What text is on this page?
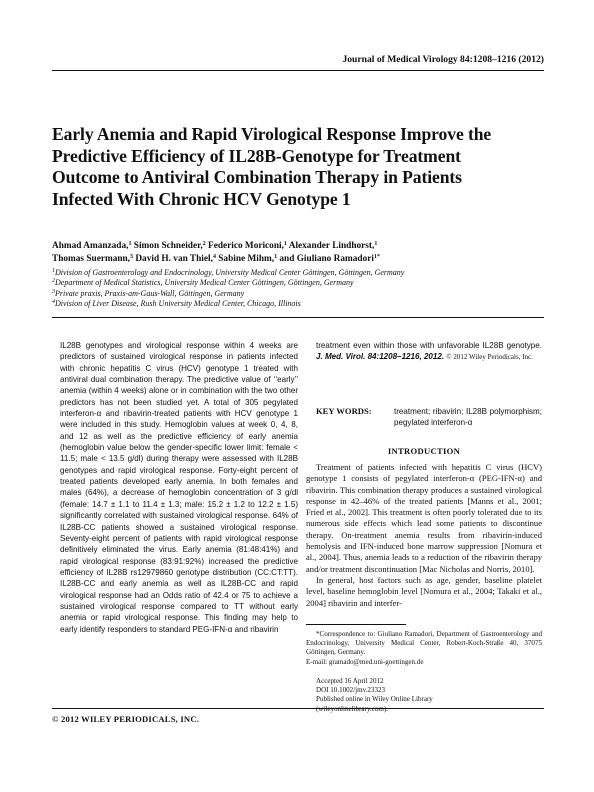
Journal of Medical Virology 84:1208–1216 (2012)
Early Anemia and Rapid Virological Response Improve the Predictive Efficiency of IL28B-Genotype for Treatment Outcome to Antiviral Combination Therapy in Patients Infected With Chronic HCV Genotype 1
Ahmad Amanzada,$^1$ Simon Schneider,$^2$ Federico Moriconi,$^1$ Alexander Lindhorst,$^1$
Thomas Suermann,$^3$ David H. van Thiel,$^4$ Sabine Mihm,$^1$ and Giuliano Ramadori$^{1*}$
$^1$Division of Gastroenterology and Endocrinology, University Medical Center Göttingen, Göttingen, Germany
$^2$Department of Medical Statistics, University Medical Center Göttingen, Göttingen, Germany
$^3$Private praxis, Praxis-am-Gaus-Wall, Göttingen, Germany
$^4$Division of Liver Disease, Rush University Medical Center, Chicago, Illinois
IL28B genotypes and virological response within 4 weeks are predictors of sustained virological response in patients infected with chronic hepatitis C virus (HCV) genotype 1 treated with antiviral dual combination therapy. The predictive value of ‘‘early’’ anemia (within 4 weeks) alone or in combination with the two other predictors has not been studied yet. A total of 305 pegylated interferon-α and ribavirin-treated patients with HCV genotype 1 were included in this study. Hemoglobin values at week 0, 4, 8, and 12 as well as the predictive efficiency of early anemia (hemoglobin value below the gender-specific lower limit: female < 11.5; male < 13.5 g/dl) during therapy were assessed with IL28B genotypes and rapid virological response. Forty-eight percent of treated patients developed early anemia. In both females and males (64%), a decrease of hemoglobin concentration of 3 g/dl (female: 14.7 ± 1.1 to 11.4 ± 1.3; male: 15.2 ± 1.2 to 12.2 ± 1.5) significantly correlated with sustained virological response. 64% of IL28B-CC patients showed a sustained virological response. Seventy-eight percent of patients with rapid virological response definitively eliminated the virus. Early anemia (81:48:41%) and rapid virological response (83:91:92%) increased the predictive efficiency of IL28B rs12979860 genotype distribution (CC:CT:TT). IL28B-CC and early anemia as well as IL28B-CC and rapid virological response had an Odds ratio of 42.4 or 75 to achieve a sustained virological response compared to TT without early anemia or rapid virological response. This finding may help to early identify responders to standard PEG-IFN-α and ribavirin
treatment even within those with unfavorable IL28B genotype. J. Med. Virol. 84:1208–1216, 2012. © 2012 Wiley Periodicals, Inc.
KEY WORDS:	treatment; ribavirin; IL28B polymorphism; pegylated interferon-α
INTRODUCTION

Treatment of patients infected with hepatitis C virus (HCV) genotype 1 consists of pegylated interferon-α (PEG-IFN-α) and ribavirin. This combination therapy produces a sustained virological response in 42–46% of the treated patients [Manns et al., 2001; Fried et al., 2002]. This treatment is often poorly tolerated due to its numerous side effects which lead some patients to discontinue therapy. On-treatment anemia results from ribavirin-induced hemolysis and IFN-induced bone marrow suppression [Nomura et al., 2004]. Thus, anemia leads to a reduction of the ribavirin therapy and/or treatment discontinuation [Mac Nicholas and Norris, 2010].

In general, host factors such as age, gender, baseline platelet level, baseline hemoglobin level [Nomura et al., 2004; Takaki et al., 2004] ribavirin and interfer-

*Correspondence to: Giuliano Ramadori, Department of Gastroenterology and Endocrinology, University Medical Center, Robert-Koch-Straße 40, 37075 Göttingen, Germany.

E-mail: gramado@med.uni-goettingen.de

Accepted 16 April 2012
DOI 10.1002/jmv.23323
Published online in Wiley Online Library
(wileyonlinelibrary.com).
© 2012 WILEY PERIODICALS, INC.
